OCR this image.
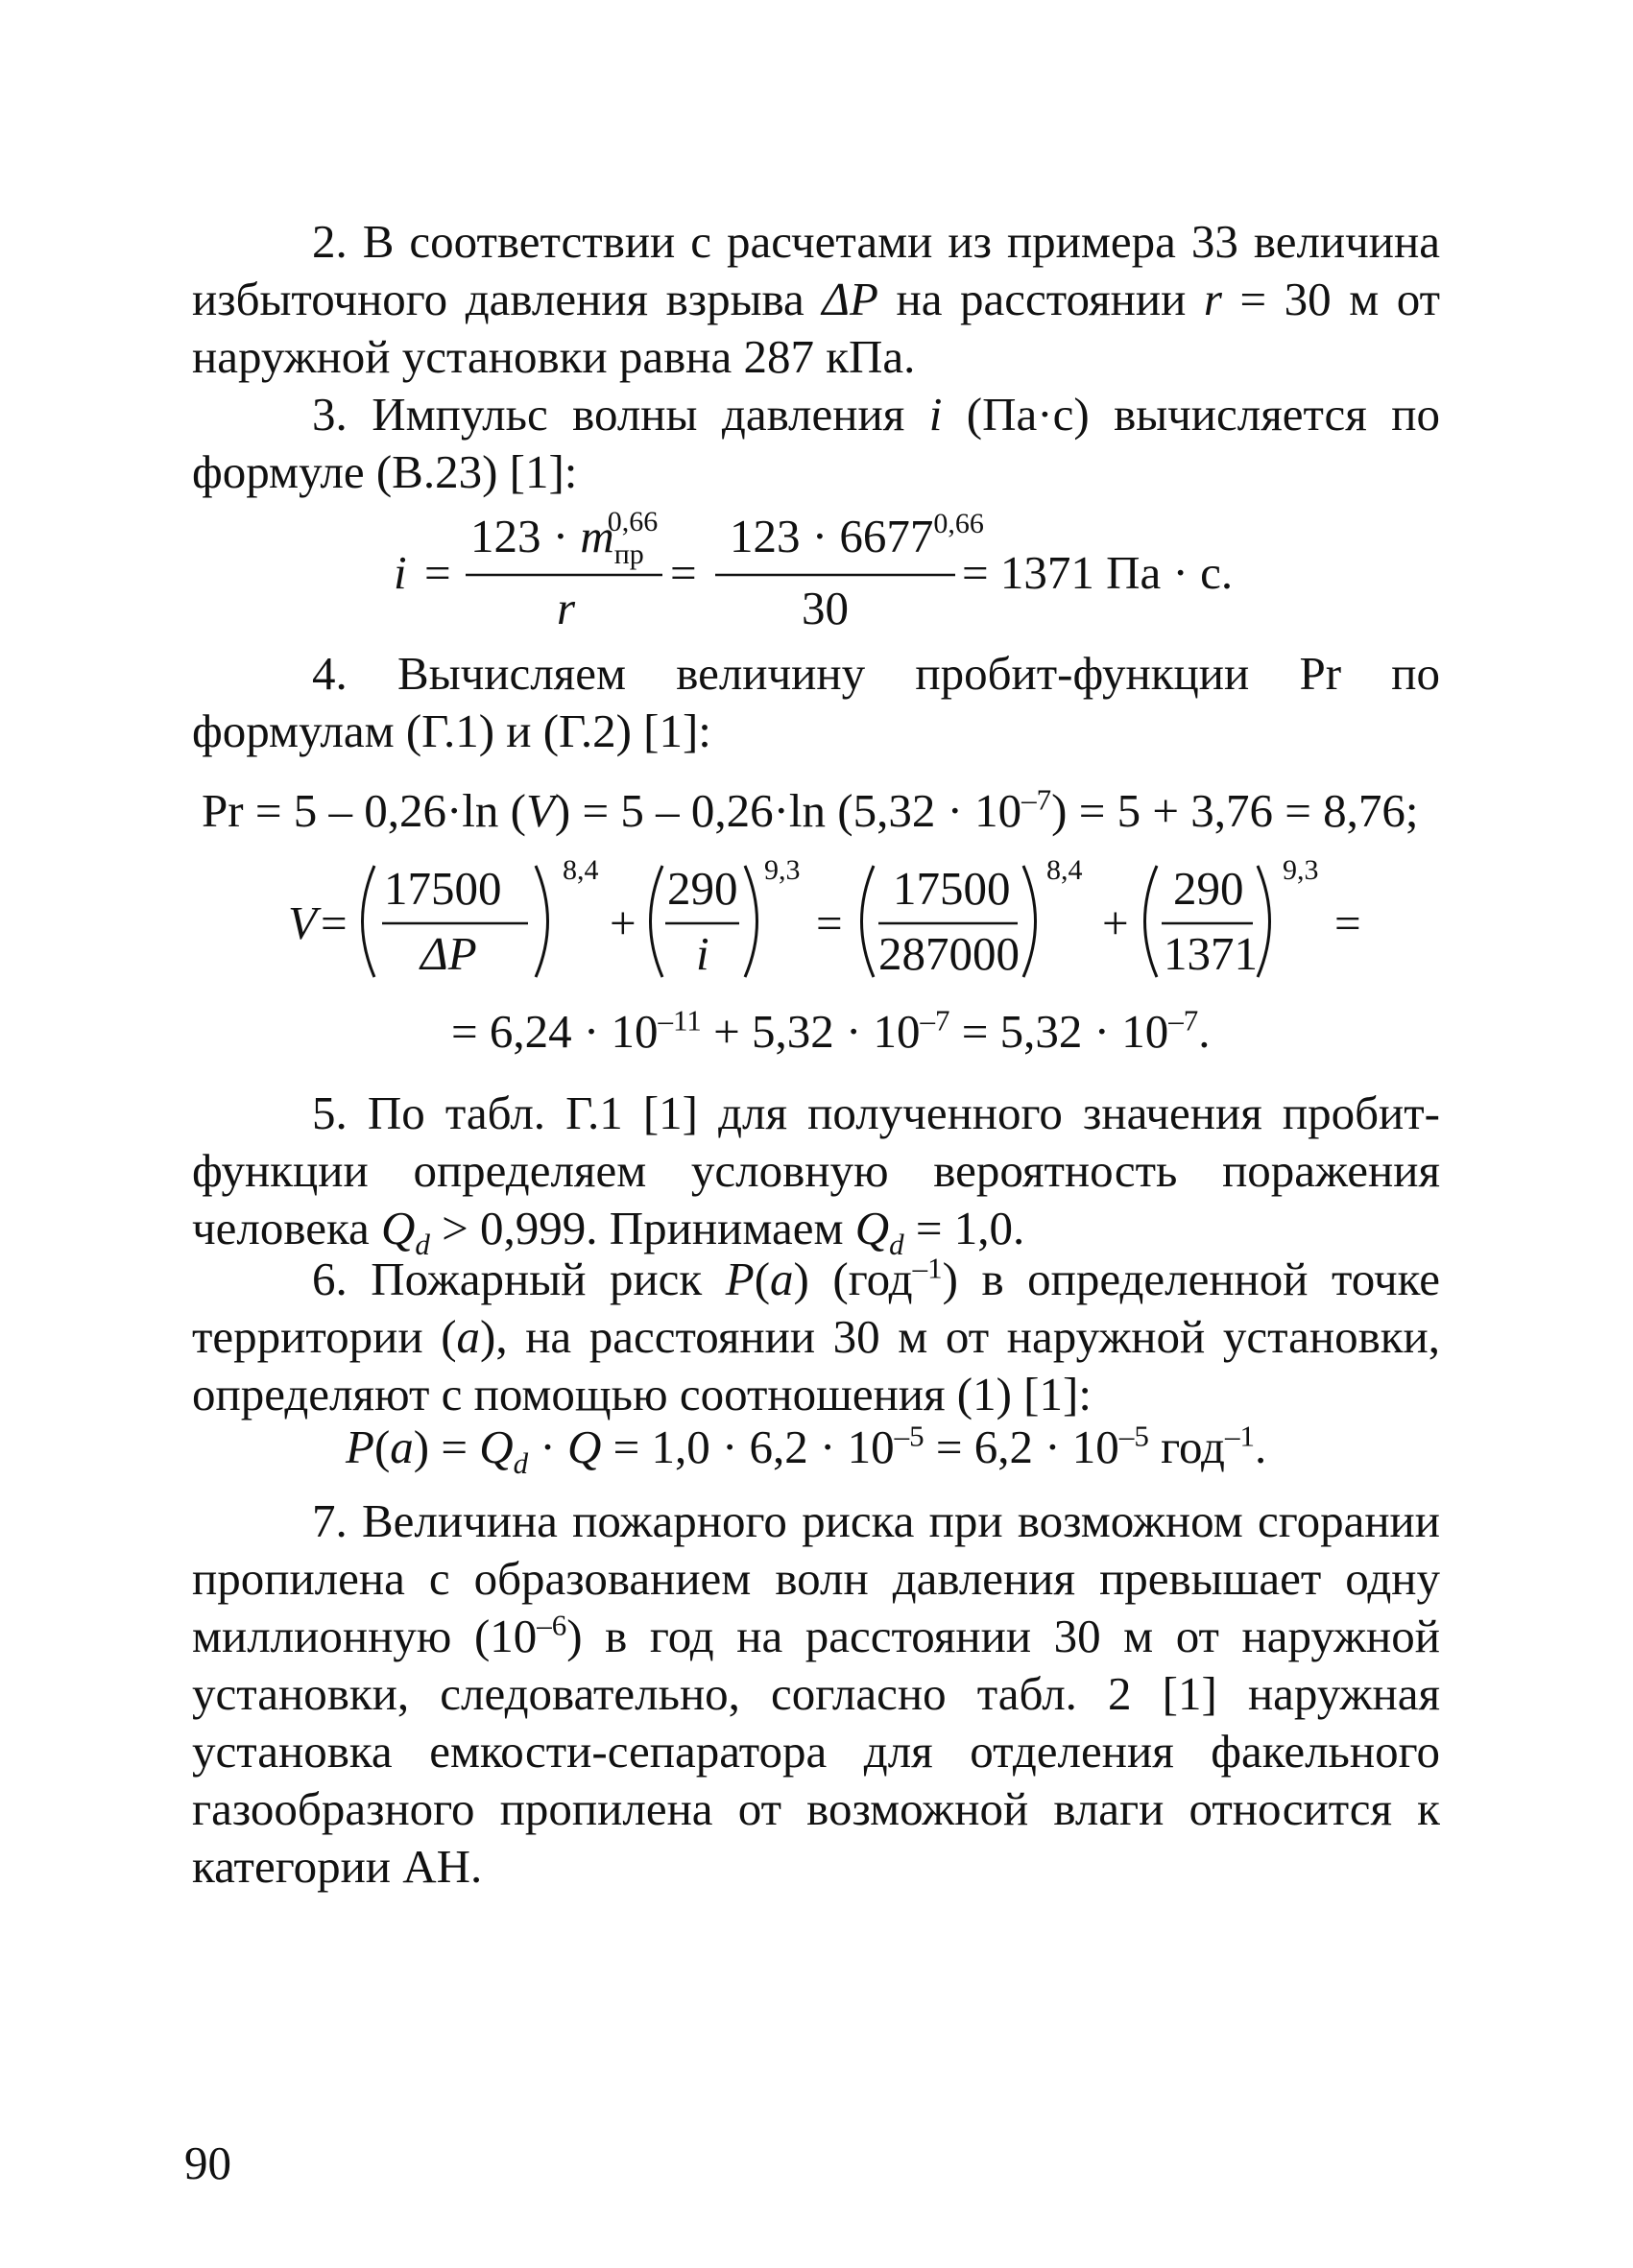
2. В соответствии с расчетами из примера 33 величина избыточного давления взрыва ΔP на расстоянии r = 30 м от наружной установки равна 287 кПа.

3. Импульс волны давления i (Па·с) вычисляется по формуле (В.23) [1]:

i =
$123 \cdot m_{пр}0,66$
r
=
$123 \cdot 6677^{0,66}$
30
= 1371 Па · с.

4. Вычисляем величину пробит-функции Pr по формулам (Г.1) и (Г.2) [1]:

Pr = 5 – 0,26·ln (V) = 5 – 0,26·ln $(5,32 \cdot 10^{-7}) = 5 + 3,76 = 8,76$;
V =
17500
ΔP
8,4
+
290
i
9,3
=
17500
287000
8,4
+
290
1371
9,3
=
= $6,24 \cdot 10^{-11} + 5,32 \cdot 10^{-7} = 5,32 \cdot 10^{-7}$.

5. По табл. Г.1 [1] для полученного значения пробит-функции определяем условную вероятность поражения человека $Q_d > 0,999$. Принимаем $Q_d = 1,0$.

6. Пожарный риск P(a) (год$^{-1}$) в определенной точке территории (a), на расстоянии 30 м от наружной установки, определяют с помощью соотношения (1) [1]:

$P(a) = Q_d \cdot Q = 1,0 \cdot 6,2 \cdot 10^{-5} = 6,2 \cdot 10^{-5}$ год$^{-1}$.

7. Величина пожарного риска при возможном сгорании пропилена с образованием волн давления превышает одну миллионную $(10^{-6})$ в год на расстоянии 30 м от наружной установки, следовательно, согласно табл. 2 [1] наружная установка емкости-сепаратора для отделения факельного газообразного пропилена от возможной влаги относится к категории АН.

90
